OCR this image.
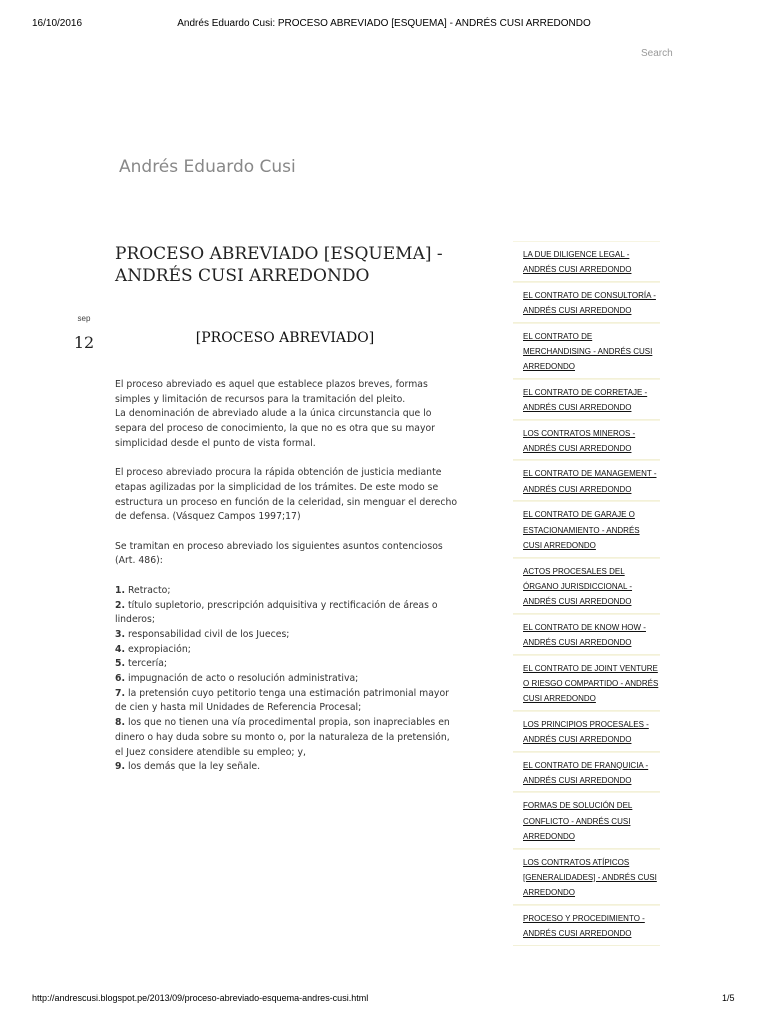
16/10/2016	Andrés Eduardo Cusi: PROCESO ABREVIADO [ESQUEMA] - ANDRÉS CUSI ARREDONDO
Search
Andrés Eduardo Cusi
PROCESO ABREVIADO [ESQUEMA] - ANDRÉS CUSI ARREDONDO
sep
12	[PROCESO ABREVIADO]

El proceso abreviado es aquel que establece plazos breves, formas simples y limitación de recursos para la tramitación del pleito.

La denominación de abreviado alude a la única circunstancia que lo separa del proceso de conocimiento, la que no es otra que su mayor simplicidad desde el punto de vista formal.

El proceso abreviado procura la rápida obtención de justicia mediante etapas agilizadas por la simplicidad de los trámites. De este modo se estructura un proceso en función de la celeridad, sin menguar el derecho de defensa. (Vásquez Campos 1997;17)

Se tramitan en proceso abreviado los siguientes asuntos contenciosos (Art. 486):

1. Retracto;
2. título supletorio, prescripción adquisitiva y rectificación de áreas o linderos;
3. responsabilidad civil de los Jueces;
4. expropiación;
5. tercería;
6. impugnación de acto o resolución administrativa;
7. la pretensión cuyo petitorio tenga una estimación patrimonial mayor de cien y hasta mil Unidades de Referencia Procesal;
8. los que no tienen una vía procedimental propia, son inapreciables en dinero o hay duda sobre su monto o, por la naturaleza de la pretensión, el Juez considere atendible su empleo; y,
9. los demás que la ley señale.
LA DUE DILIGENCE LEGAL - ANDRÉS CUSI ARREDONDO
EL CONTRATO DE CONSULTORÍA - ANDRÉS CUSI ARREDONDO
EL CONTRATO DE MERCHANDISING - ANDRÉS CUSI ARREDONDO
EL CONTRATO DE CORRETAJE - ANDRÉS CUSI ARREDONDO
LOS CONTRATOS MINEROS - ANDRÉS CUSI ARREDONDO
EL CONTRATO DE MANAGEMENT - ANDRÉS CUSI ARREDONDO
EL CONTRATO DE GARAJE O ESTACIONAMIENTO - ANDRÉS CUSI ARREDONDO
ACTOS PROCESALES DEL ÓRGANO JURISDICCIONAL - ANDRÉS CUSI ARREDONDO
EL CONTRATO DE KNOW HOW - ANDRÉS CUSI ARREDONDO
EL CONTRATO DE JOINT VENTURE O RIESGO COMPARTIDO - ANDRÉS CUSI ARREDONDO
LOS PRINCIPIOS PROCESALES - ANDRÉS CUSI ARREDONDO
EL CONTRATO DE FRANQUICIA - ANDRÉS CUSI ARREDONDO
FORMAS DE SOLUCIÓN DEL CONFLICTO - ANDRÉS CUSI ARREDONDO
LOS CONTRATOS ATÍPICOS [GENERALIDADES] - ANDRÉS CUSI ARREDONDO
PROCESO Y PROCEDIMIENTO - ANDRÉS CUSI ARREDONDO
http://andrescusi.blogspot.pe/2013/09/proceso-abreviado-esquema-andres-cusi.html	1/5
